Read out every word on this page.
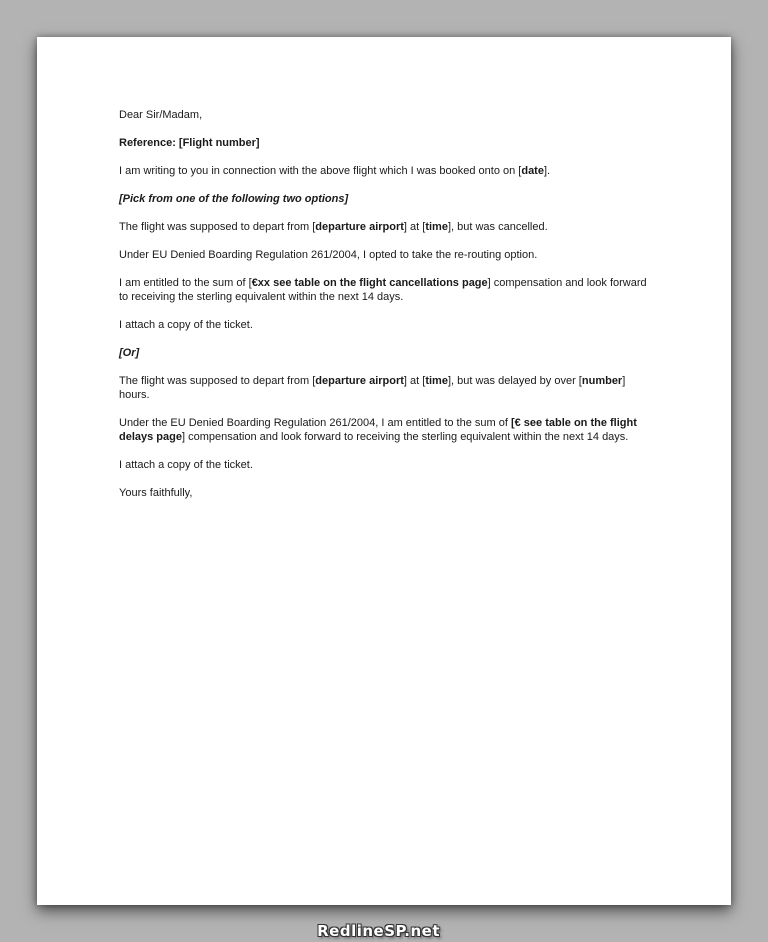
Dear Sir/Madam,

Reference: [Flight number]

I am writing to you in connection with the above flight which I was booked onto on [date].

[Pick from one of the following two options]

The flight was supposed to depart from [departure airport] at [time], but was cancelled.

Under EU Denied Boarding Regulation 261/2004, I opted to take the re-routing option.

I am entitled to the sum of [€xx see table on the flight cancellations page] compensation and look forward to receiving the sterling equivalent within the next 14 days.

I attach a copy of the ticket.

[Or]

The flight was supposed to depart from [departure airport] at [time], but was delayed by over [number] hours.

Under the EU Denied Boarding Regulation 261/2004, I am entitled to the sum of [€ see table on the flight delays page] compensation and look forward to receiving the sterling equivalent within the next 14 days.

I attach a copy of the ticket.

Yours faithfully,

RedlineSP.net
